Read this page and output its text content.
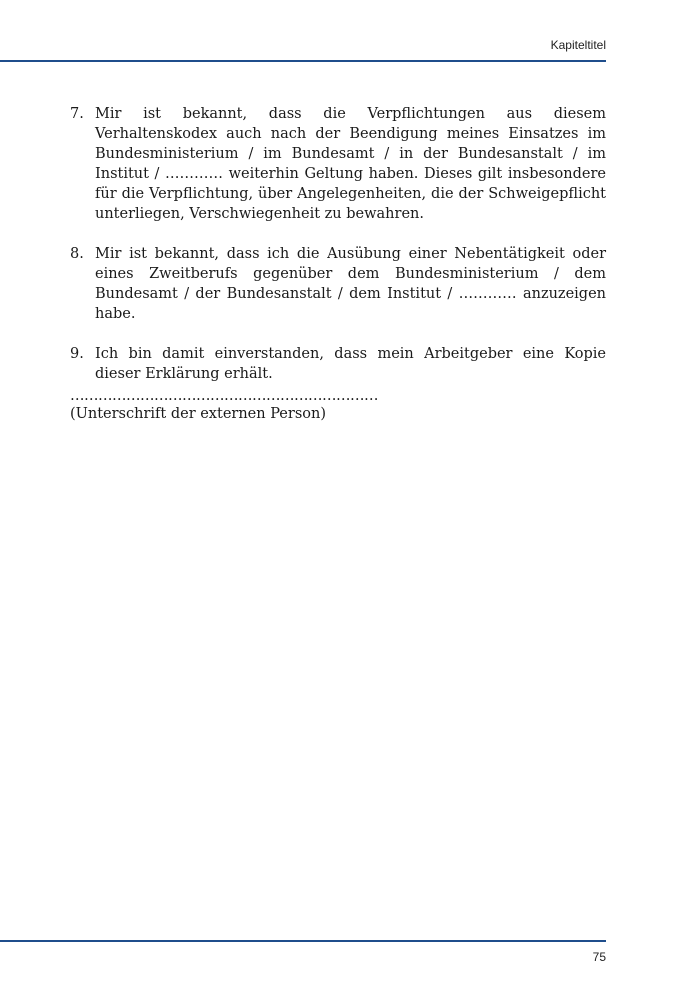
Kapiteltitel
7. Mir ist bekannt, dass die Verpflichtungen aus diesem Verhaltenskodex auch nach der Beendigung meines Einsatzes im Bundesministerium / im Bundesamt / in der Bundesanstalt / im Institut / ………… weiterhin Geltung haben. Dieses gilt insbesondere für die Verpflichtung, über Angelegenheiten, die der Schweigepflicht unterliegen, Verschwiegenheit zu bewahren.
8. Mir ist bekannt, dass ich die Ausübung einer Nebentätigkeit oder eines Zweitberufs gegenüber dem Bundesministerium / dem Bundesamt / der Bundesanstalt / dem Institut / ………… anzuzeigen habe.
9. Ich bin damit einverstanden, dass mein Arbeitgeber eine Kopie dieser Erklärung erhält.
…………………………………………………………
(Unterschrift der externen Person)
75
